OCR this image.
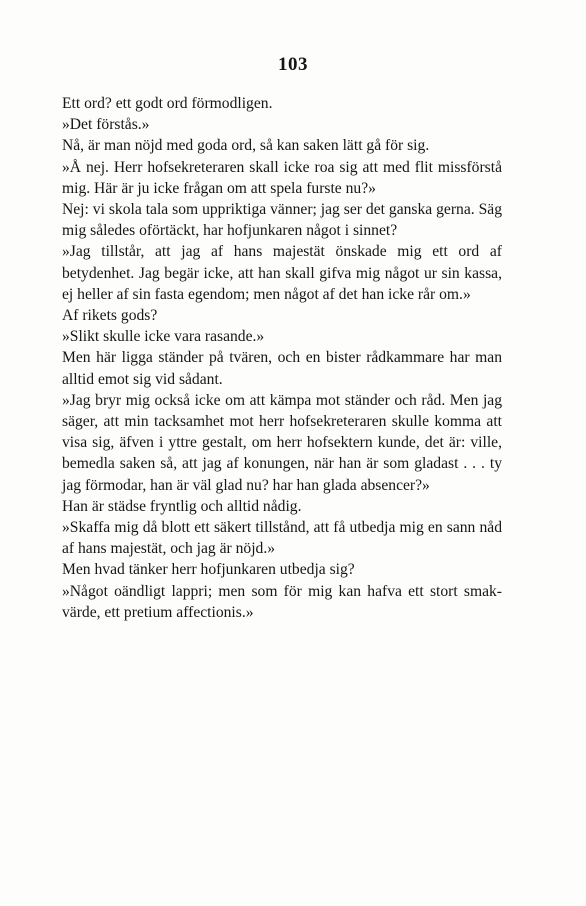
103

Ett ord? ett godt ord förmodligen.

»Det förstås.»

Nå, är man nöjd med goda ord, så kan saken lätt gå för sig.

»Å nej. Herr hofsekreteraren skall icke roa sig att med flit missförstå mig. Här är ju icke frågan om att spela furste nu?»

Nej: vi skola tala som uppriktiga vänner; jag ser det ganska gerna. Säg mig således oförtäckt, har hofjunkaren något i sinnet?

»Jag tillstår, att jag af hans majestät önskade mig ett ord af betydenhet. Jag begär icke, att han skall gifva mig något ur sin kassa, ej heller af sin fasta egendom; men något af det han icke rår om.»

Af rikets gods?

»Slikt skulle icke vara rasande.»

Men här ligga ständer på tvären, och en bister rådkammare har man alltid emot sig vid sådant.

»Jag bryr mig också icke om att kämpa mot ständer och råd. Men jag säger, att min tacksamhet mot herr hofsekreteraren skulle komma att visa sig, äfven i yttre gestalt, om herr hofsektern kunde, det är: ville, bemedla saken så, att jag af konungen, när han är som gladast . . . ty jag förmodar, han är väl glad nu? har han glada absencer?»

Han är städse fryntlig och alltid nådig.

»Skaffa mig då blott ett säkert tillstånd, att få utbedja mig en sann nåd af hans majestät, och jag är nöjd.»

Men hvad tänker herr hofjunkaren utbedja sig?

»Något oändligt lappri; men som för mig kan hafva ett stort smak-värde, ett pretium affectionis.»
